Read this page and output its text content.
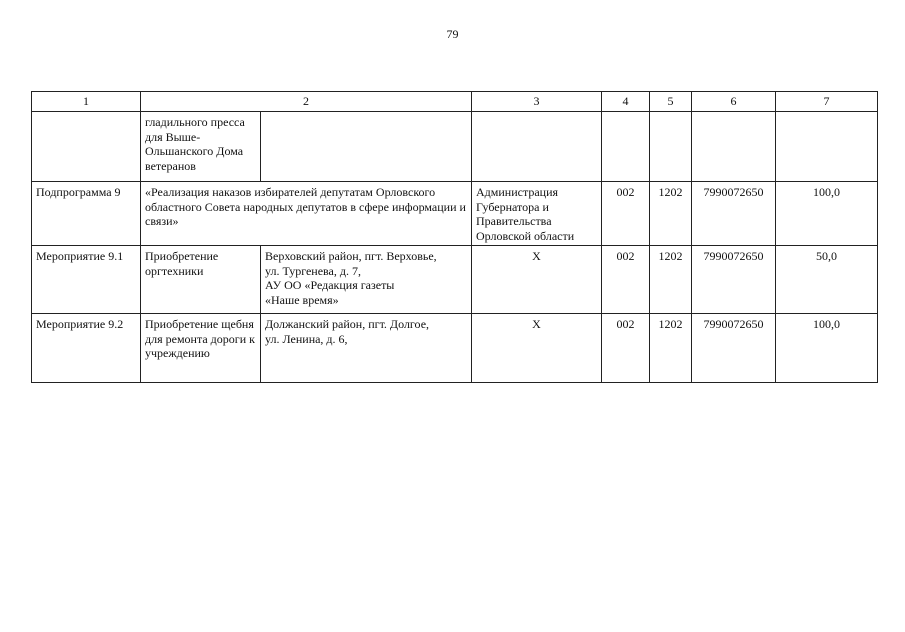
79
1	2		3	4	5	6	7
	гладильного пресса для Выше-Ольшанского Дома ветеранов						
Подпрограмма 9	«Реализация наказов избирателей депутатам Орловского областного Совета народных депутатов в сфере информации и связи»		Администрация Губернатора и Правительства Орловской области	002	1202	7990072650	100,0
Мероприятие 9.1	Приобретение оргтехники	Верховский район, пгт. Верховье,
ул. Тургенева, д. 7,
АУ ОО «Редакция газеты
«Наше время»	Х	002	1202	7990072650	50,0
Мероприятие 9.2	Приобретение щебня для ремонта дороги к учреждению	Должанский район, пгт. Долгое,
ул. Ленина, д. 6,	Х	002	1202	7990072650	100,0
